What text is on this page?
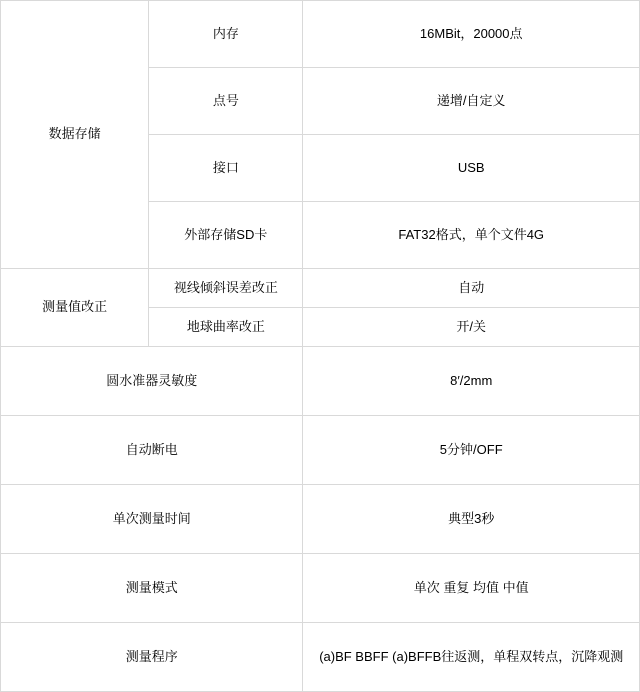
数据存储	内存	16MBit，20000点
	点号	递增/自定义
	接口	USB
	外部存储SD卡	FAT32格式，单个文件4G
测量值改正	视线倾斜误差改正	自动
	地球曲率改正	开/关
圆水准器灵敏度		8′/2mm
自动断电		5分钟/OFF
单次测量时间		典型3秒
测量模式		单次 重复 均值 中值
测量程序		(a)BF BBFF (a)BFFB往返测，单程双转点，沉降观测
